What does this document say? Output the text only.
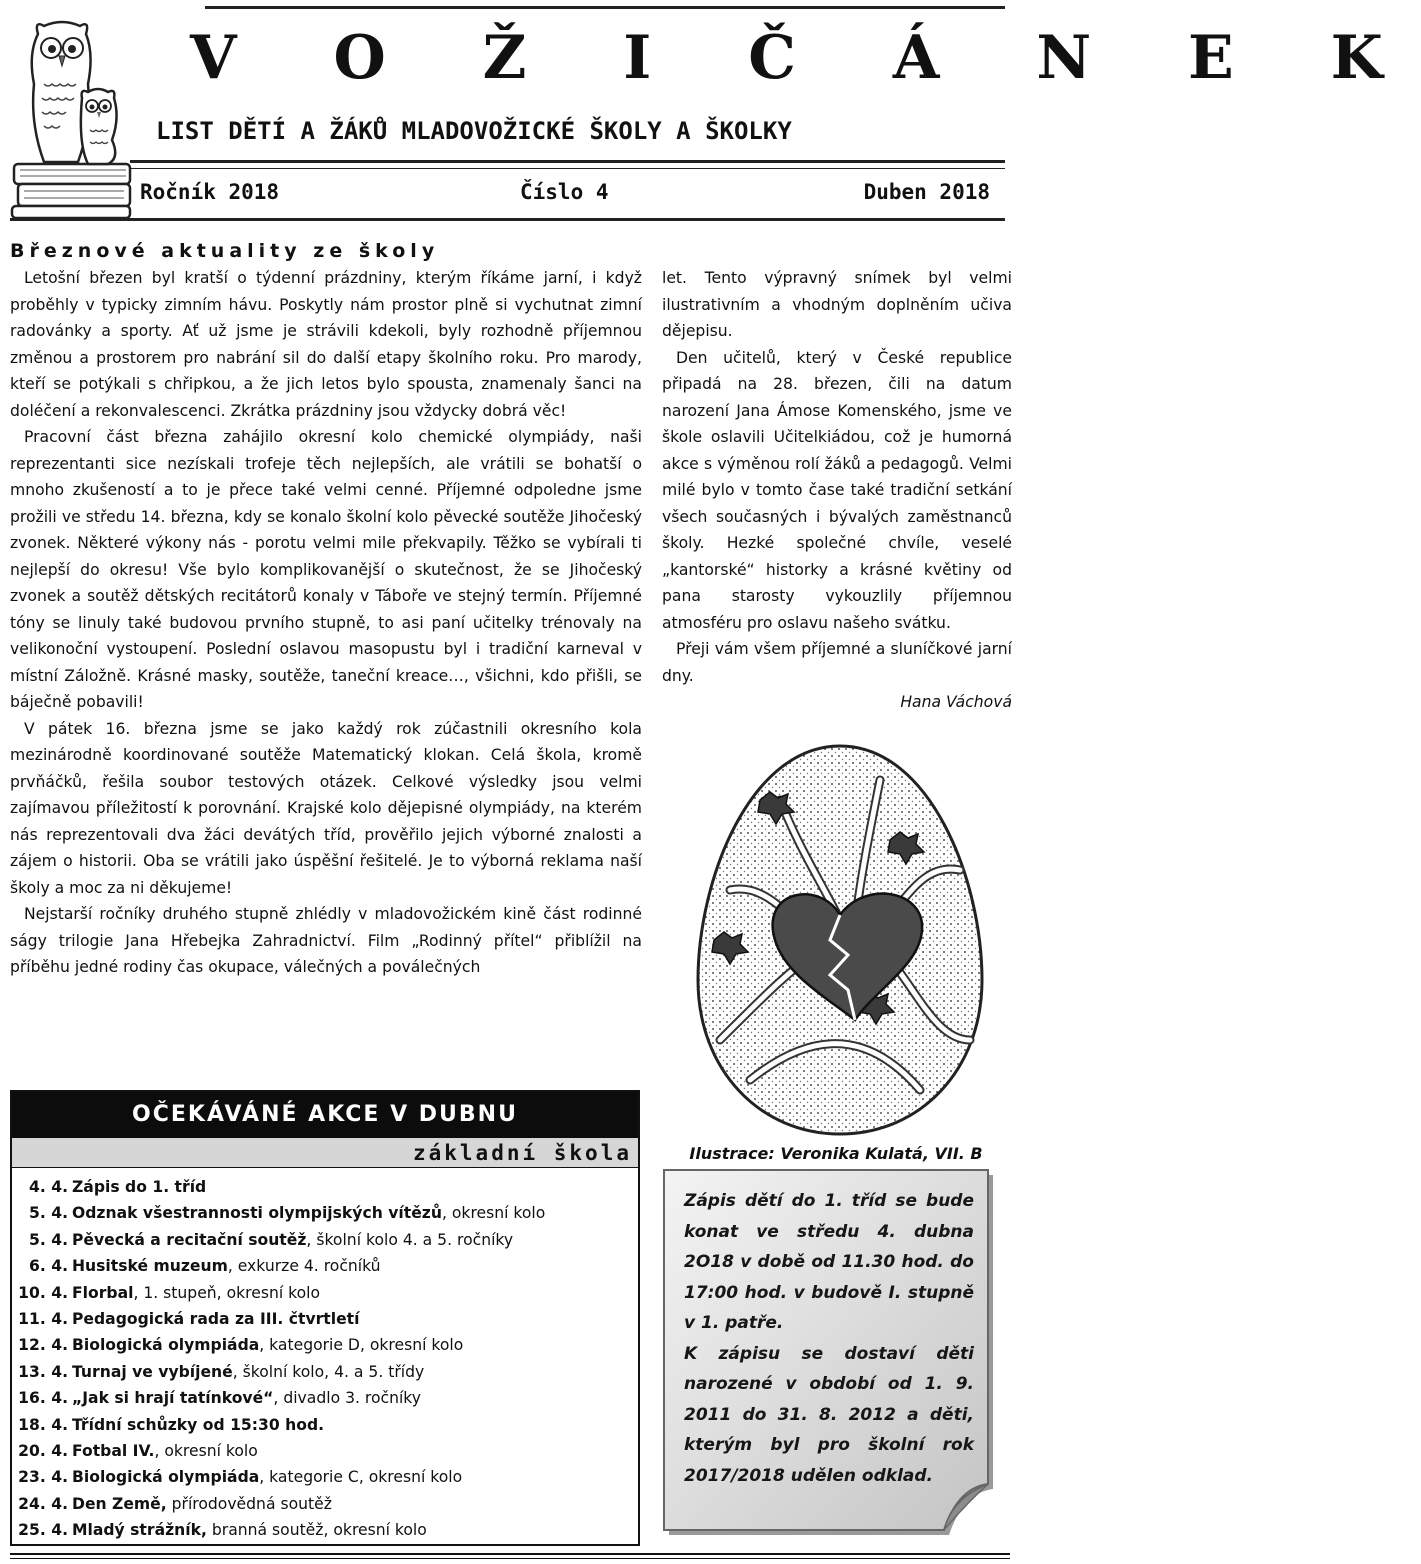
V O Ž I Č Á N E K
LIST DĚTÍ A ŽÁKŮ MLADOVOŽICKÉ ŠKOLY A ŠKOLKY
Ročník 2018	Číslo 4	Duben 2018
Březnové aktuality ze školy

Letošní březen byl kratší o týdenní prázdniny, kterým říkáme jarní, i když proběhly v typicky zimním hávu. Poskytly nám prostor plně si vychutnat zimní radovánky a sporty. Ať už jsme je strávili kdekoli, byly rozhodně příjemnou změnou a prostorem pro nabrání sil do další etapy školního roku. Pro marody, kteří se potýkali s chřipkou, a že jich letos bylo spousta, znamenaly šanci na doléčení a rekonvalescenci. Zkrátka prázdniny jsou vždycky dobrá věc!

Pracovní část března zahájilo okresní kolo chemické olympiády, naši reprezentanti sice nezískali trofeje těch nejlepších, ale vrátili se bohatší o mnoho zkušeností a to je přece také velmi cenné. Příjemné odpoledne jsme prožili ve středu 14. března, kdy se konalo školní kolo pěvecké soutěže Jihočeský zvonek. Některé výkony nás - porotu velmi mile překvapily. Těžko se vybírali ti nejlepší do okresu! Vše bylo komplikovanější o skutečnost, že se Jihočeský zvonek a soutěž dětských recitátorů konaly v Táboře ve stejný termín. Příjemné tóny se linuly také budovou prvního stupně, to asi paní učitelky trénovaly na velikonoční vystoupení. Poslední oslavou masopustu byl i tradiční karneval v místní Záložně. Krásné masky, soutěže, taneční kreace…, všichni, kdo přišli, se báječně pobavili!

V pátek 16. března jsme se jako každý rok zúčastnili okresního kola mezinárodně koordinované soutěže Matematický klokan. Celá škola, kromě prvňáčků, řešila soubor testových otázek. Celkové výsledky jsou velmi zajímavou příležitostí k porovnání. Krajské kolo dějepisné olympiády, na kterém nás reprezentovali dva žáci devátých tříd, prověřilo jejich výborné znalosti a zájem o historii. Oba se vrátili jako úspěšní řešitelé. Je to výborná reklama naší školy a moc za ni děkujeme!

Nejstarší ročníky druhého stupně zhlédly v mladovožickém kině část rodinné ságy trilogie Jana Hřebejka Zahradnictví. Film „Rodinný přítel“ přiblížil na příběhu jedné rodiny čas okupace, válečných a poválečných

let. Tento výpravný snímek byl velmi ilustrativním a vhodným doplněním učiva dějepisu.

Den učitelů, který v České republice připadá na 28. březen, čili na datum narození Jana Ámose Komenského, jsme ve škole oslavili Učitelkiádou, což je humorná akce s výměnou rolí žáků a pedagogů. Velmi milé bylo v tomto čase také tradiční setkání všech současných i bývalých zaměstnanců školy. Hezké společné chvíle, veselé „kantorské“ historky a krásné květiny od pana starosty vykouzlily příjemnou atmosféru pro oslavu našeho svátku.

Přeji vám všem příjemné a sluníčkové jarní dny.

Hana Váchová

Ilustrace: Veronika Kulatá, VII. B
OČEKÁVÁNÉ AKCE V DUBNU
základní škola
4. 4. Zápis do 1. tříd
5. 4. Odznak všestrannosti olympijských vítězů, okresní kolo
5. 4. Pěvecká a recitační soutěž, školní kolo 4. a 5. ročníky
6. 4. Husitské muzeum, exkurze 4. ročníků
10. 4. Florbal, 1. stupeň, okresní kolo
11. 4. Pedagogická rada za III. čtvrtletí
12. 4. Biologická olympiáda, kategorie D, okresní kolo
13. 4. Turnaj ve vybíjené, školní kolo, 4. a 5. třídy
16. 4. „Jak si hrají tatínkové“, divadlo 3. ročníky
18. 4. Třídní schůzky od 15:30 hod.
20. 4. Fotbal IV., okresní kolo
23. 4. Biologická olympiáda, kategorie C, okresní kolo
24. 4. Den Země, přírodovědná soutěž
25. 4. Mladý strážník, branná soutěž, okresní kolo

Zápis dětí do 1. tříd se bude konat ve středu 4. dubna 2O18 v době od 11.30 hod. do 17:00 hod. v budově I. stupně v 1. patře.

K zápisu se dostaví děti narozené v období od 1. 9. 2011 do 31. 8. 2012 a děti, kterým byl pro školní rok 2017/2018 udělen odklad.
